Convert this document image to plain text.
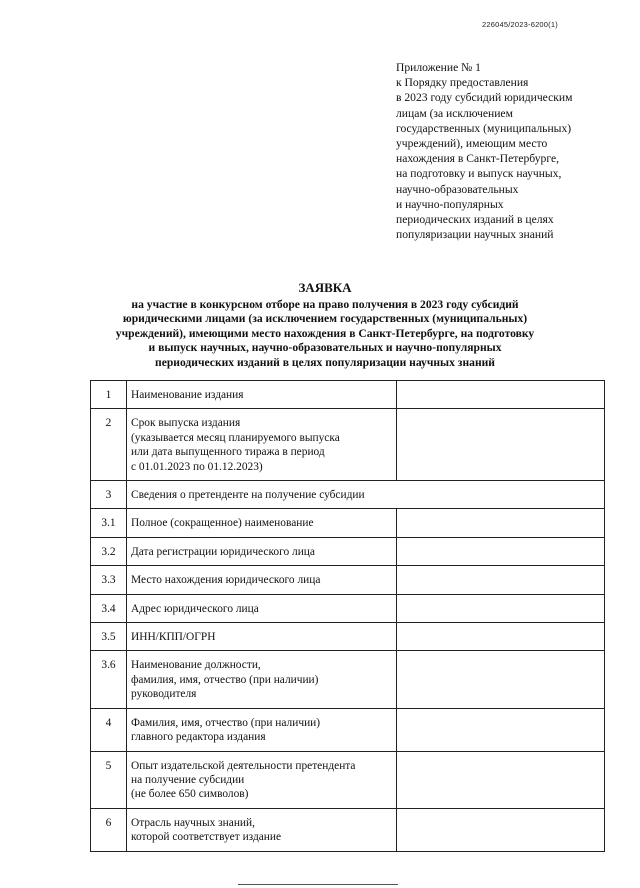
226045/2023-6200(1)
Приложение № 1
к Порядку предоставления
в 2023 году субсидий юридическим
лицам (за исключением
государственных (муниципальных)
учреждений), имеющим место
нахождения в Санкт-Петербурге,
на подготовку и выпуск научных,
научно-образовательных
и научно-популярных
периодических изданий в целях
популяризации научных знаний
ЗАЯВКА
на участие в конкурсном отборе на право получения в 2023 году субсидий
юридическими лицами (за исключением государственных (муниципальных)
учреждений), имеющими место нахождения в Санкт-Петербурге, на подготовку
и выпуск научных, научно-образовательных и научно-популярных
периодических изданий в целях популяризации научных знаний
1	Наименование издания	

2	Срок выпуска издания
(указывается месяц планируемого выпуска
или дата выпущенного тиража в период
с 01.01.2023 по 01.12.2023)	

3	Сведения о претенденте на получение субсидии	

3.1	Полное (сокращенное) наименование	

3.2	Дата регистрации юридического лица	

3.3	Место нахождения юридического лица	

3.4	Адрес юридического лица	

3.5	ИНН/КПП/ОГРН	

3.6	Наименование должности,
фамилия, имя, отчество (при наличии)
руководителя	

4	Фамилия, имя, отчество (при наличии)
главного редактора издания	

5	Опыт издательской деятельности претендента
на получение субсидии
(не более 650 символов)	

6	Отрасль научных знаний,
которой соответствует издание	
